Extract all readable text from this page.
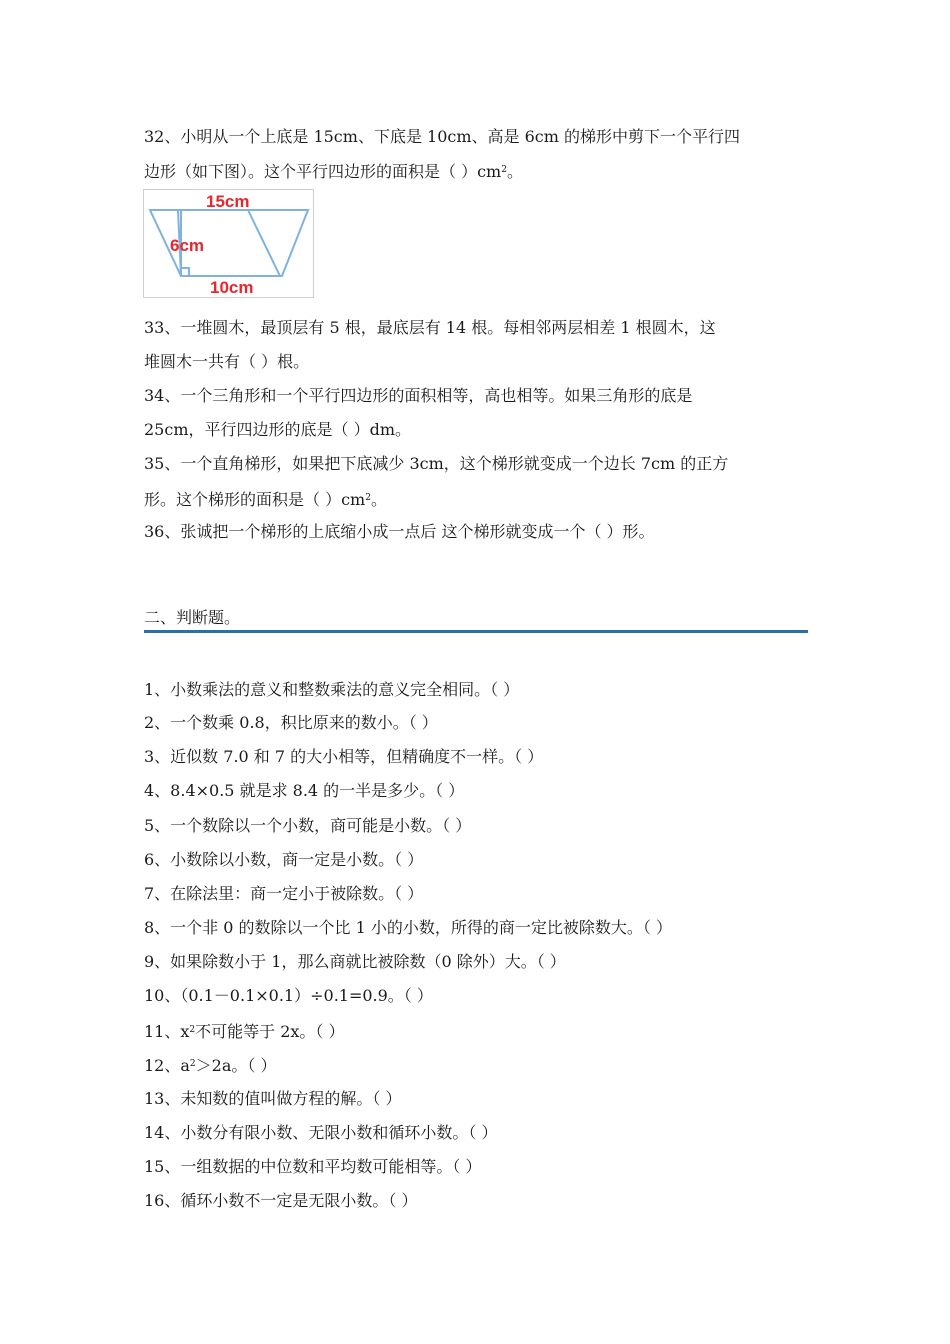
32、小明从一个上底是 15cm、下底是 10cm、高是 6cm 的梯形中剪下一个平行四
边形（如下图）。这个平行四边形的面积是（ ）$cm^2$。
15cm
6cm
10cm
33、一堆圆木，最顶层有 5 根，最底层有 14 根。每相邻两层相差 1 根圆木，这
堆圆木一共有（ ）根。
34、一个三角形和一个平行四边形的面积相等，高也相等。如果三角形的底是
25cm，平行四边形的底是（ ）dm。
35、一个直角梯形，如果把下底减少 3cm，这个梯形就变成一个边长 7cm 的正方
形。这个梯形的面积是（ ）$cm^2$。
36、张诚把一个梯形的上底缩小成一点后 这个梯形就变成一个（ ）形。
二、判断题。
1、小数乘法的意义和整数乘法的意义完全相同。（ ）
2、一个数乘 0.8，积比原来的数小。（ ）
3、近似数 7.0 和 7 的大小相等，但精确度不一样。（ ）
4、8.4×0.5 就是求 8.4 的一半是多少。（ ）
5、一个数除以一个小数，商可能是小数。（ ）
6、小数除以小数，商一定是小数。（ ）
7、在除法里：商一定小于被除数。（ ）
8、一个非 0 的数除以一个比 1 小的小数，所得的商一定比被除数大。（ ）
9、如果除数小于 1，那么商就比被除数（0 除外）大。（ ）
10、（0.1－0.1×0.1）÷0.1=0.9。（ ）
11、$x^2$不可能等于 2x。（ ）
12、$a^2>2a$。（ ）
13、未知数的值叫做方程的解。（ ）
14、小数分有限小数、无限小数和循环小数。（ ）
15、一组数据的中位数和平均数可能相等。（ ）
16、循环小数不一定是无限小数。（ ）
